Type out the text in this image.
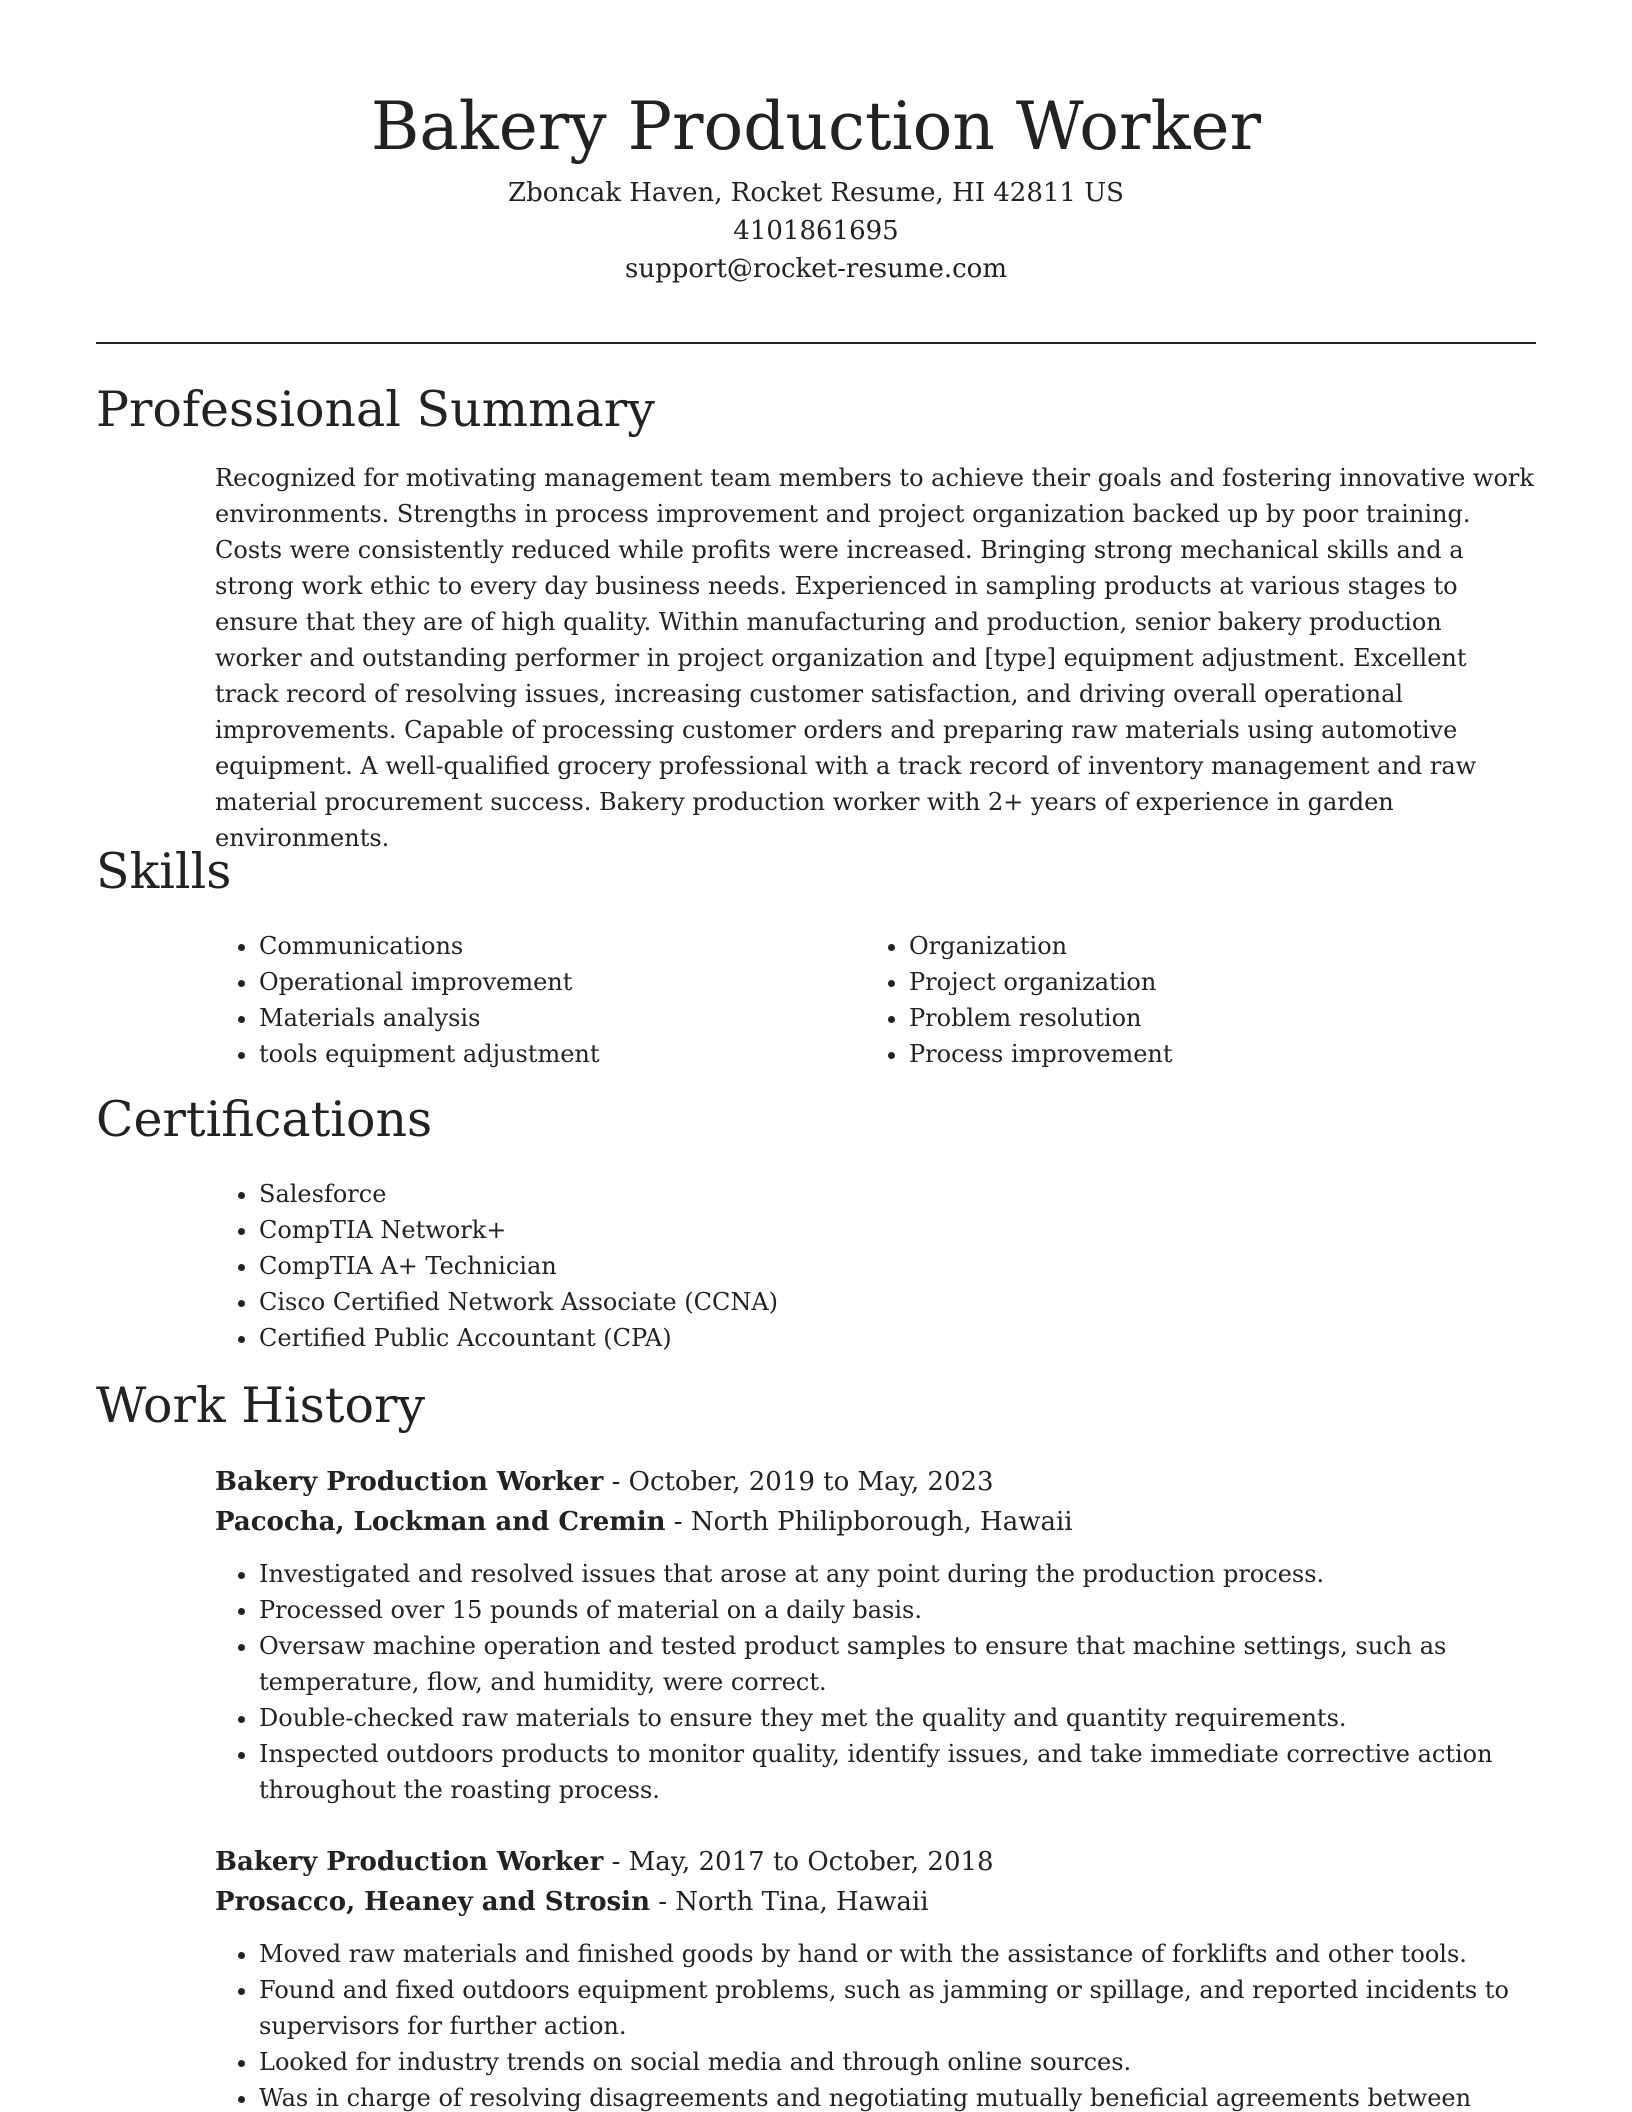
Bakery Production Worker

Zboncak Haven, Rocket Resume, HI 42811 US

4101861695

support@rocket-resume.com

Professional Summary

Recognized for motivating management team members to achieve their goals and fostering innovative work environments. Strengths in process improvement and project organization backed up by poor training. Costs were consistently reduced while profits were increased. Bringing strong mechanical skills and a strong work ethic to every day business needs. Experienced in sampling products at various stages to ensure that they are of high quality. Within manufacturing and production, senior bakery production worker and outstanding performer in project organization and [type] equipment adjustment. Excellent track record of resolving issues, increasing customer satisfaction, and driving overall operational improvements. Capable of processing customer orders and preparing raw materials using automotive equipment. A well-qualified grocery professional with a track record of inventory management and raw material procurement success. Bakery production worker with 2+ years of experience in garden environments.

Skills
• Communications
• Operational improvement
• Materials analysis
• tools equipment adjustment
• Organization
• Project organization
• Problem resolution
• Process improvement
Certifications
• Salesforce
• CompTIA Network+
• CompTIA A+ Technician
• Cisco Certified Network Associate (CCNA)
• Certified Public Accountant (CPA)
Work History

Bakery Production Worker - October, 2019 to May, 2023

Pacocha, Lockman and Cremin - North Philipborough, Hawaii

• Investigated and resolved issues that arose at any point during the production process.
• Processed over 15 pounds of material on a daily basis.
• Oversaw machine operation and tested product samples to ensure that machine settings, such as temperature, flow, and humidity, were correct.
• Double-checked raw materials to ensure they met the quality and quantity requirements.
• Inspected outdoors products to monitor quality, identify issues, and take immediate corrective action throughout the roasting process.

Bakery Production Worker - May, 2017 to October, 2018

Prosacco, Heaney and Strosin - North Tina, Hawaii

• Moved raw materials and finished goods by hand or with the assistance of forklifts and other tools.
• Found and fixed outdoors equipment problems, such as jamming or spillage, and reported incidents to supervisors for further action.
• Looked for industry trends on social media and through online sources.
• Was in charge of resolving disagreements and negotiating mutually beneficial agreements between
